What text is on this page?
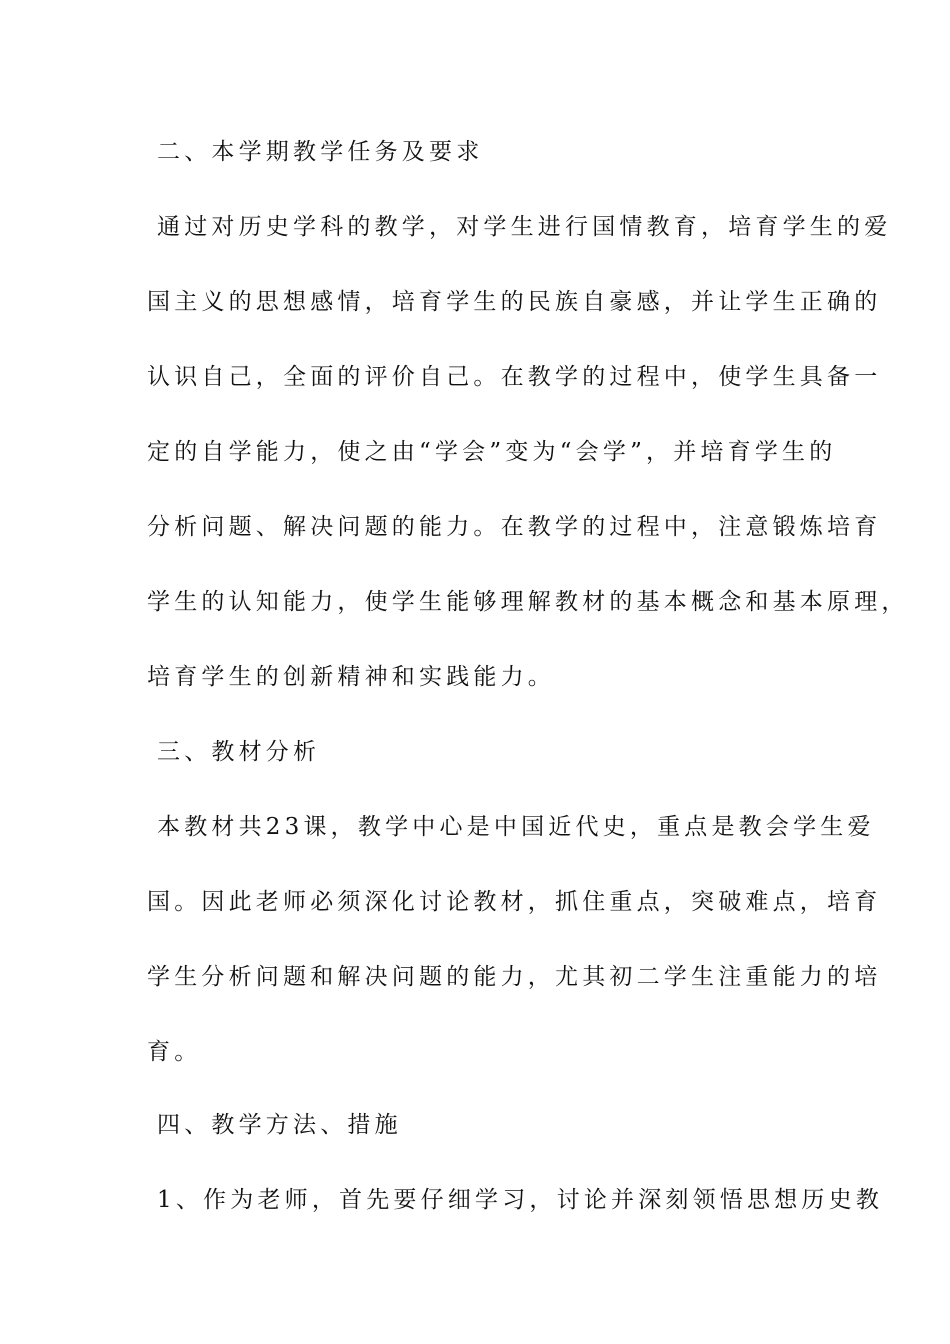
二、本学期教学任务及要求
通过对历史学科的教学，对学生进行国情教育，培育学生的爱
国主义的思想感情，培育学生的民族自豪感，并让学生正确的
认识自己，全面的评价自己。在教学的过程中，使学生具备一
定的自学能力，使之由“学会”变为“会学”，并培育学生的
分析问题、解决问题的能力。在教学的过程中，注意锻炼培育
学生的认知能力，使学生能够理解教材的基本概念和基本原理，
培育学生的创新精神和实践能力。
三、教材分析
本教材共23课，教学中心是中国近代史，重点是教会学生爱
国。因此老师必须深化讨论教材，抓住重点，突破难点，培育
学生分析问题和解决问题的能力，尤其初二学生注重能力的培
育。
四、教学方法、措施
1、作为老师，首先要仔细学习，讨论并深刻领悟思想历史教
